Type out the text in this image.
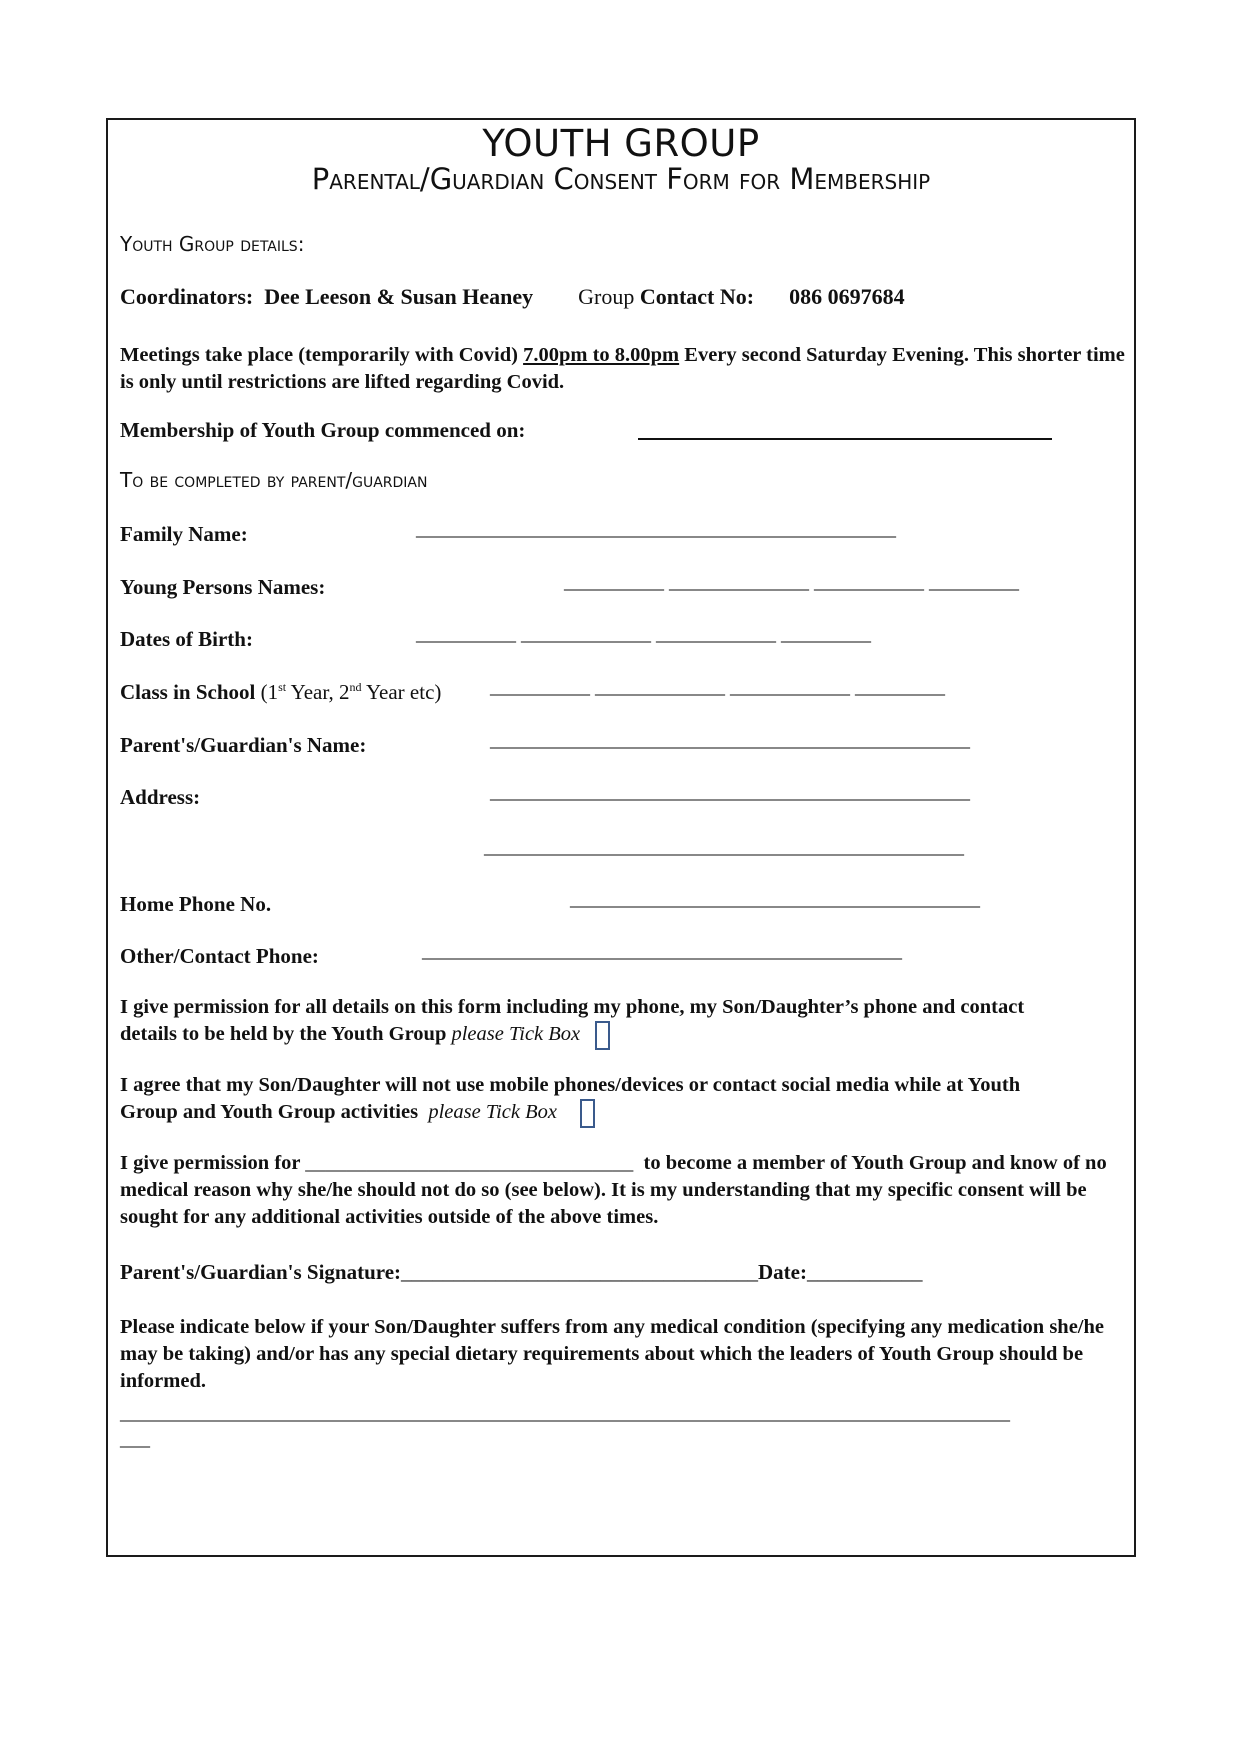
YOUTH GROUP
Parental/Guardian Consent Form for Membership
Youth Group details:
Coordinators: Dee Leeson & Susan Heaney Group Contact No: 086 0697684
Meetings take place (temporarily with Covid) 7.00pm to 8.00pm Every second Saturday Evening. This shorter time is only until restrictions are lifted regarding Covid.
Membership of Youth Group commenced on:
To be completed by parent/guardian
Family Name:	________________________________________________
Young Persons Names:	__________ ______________ ___________ _________
Dates of Birth:	__________ _____________ ____________ _________
Class in School (1st Year, 2nd Year etc) __________ _____________ ____________ _________
Parent's/Guardian's Name:	________________________________________________
Address:	________________________________________________
________________________________________________
Home Phone No.	_________________________________________
Other/Contact Phone:	________________________________________________
I give permission for all details on this form including my phone, my Son/Daughter’s phone and contact details to be held by the Youth Group please Tick Box
I agree that my Son/Daughter will not use mobile phones/devices or contact social media while at Youth Group and Youth Group activities please Tick Box
I give permission for ________________________________ to become a member of Youth Group and know of no medical reason why she/he should not do so (see below). It is my understanding that my specific consent will be sought for any additional activities outside of the above times.
Parent's/Guardian's Signature:__________________________________Date:___________
Please indicate below if your Son/Daughter suffers from any medical condition (specifying any medication she/he may be taking) and/or has any special dietary requirements about which the leaders of Youth Group should be informed.
_________________________________________________________________________________________
___
